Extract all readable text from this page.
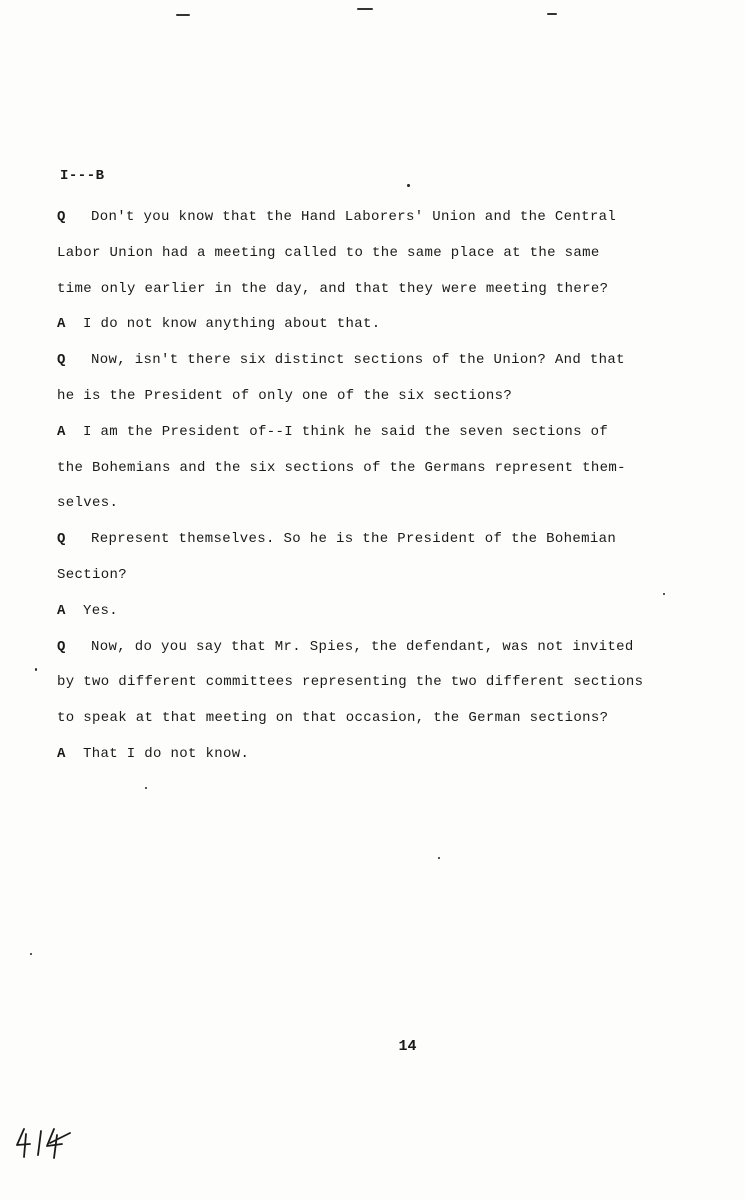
I---B
Q Don't you know that the Hand Laborers' Union and the Central
Labor Union had a meeting called to the same place at the same
time only earlier in the day, and that they were meeting there?
A I do not know anything about that.
Q Now, isn't there six distinct sections of the Union? And that
he is the President of only one of the six sections?
A I am the President of--I think he said the seven sections of
the Bohemians and the six sections of the Germans represent them-
selves.
Q Represent themselves. So he is the President of the Bohemian
Section?
A Yes.
Q Now, do you say that Mr. Spies, the defendant, was not invited
by two different committees representing the two different sections
to speak at that meeting on that occasion, the German sections?
A That I do not know.
14
